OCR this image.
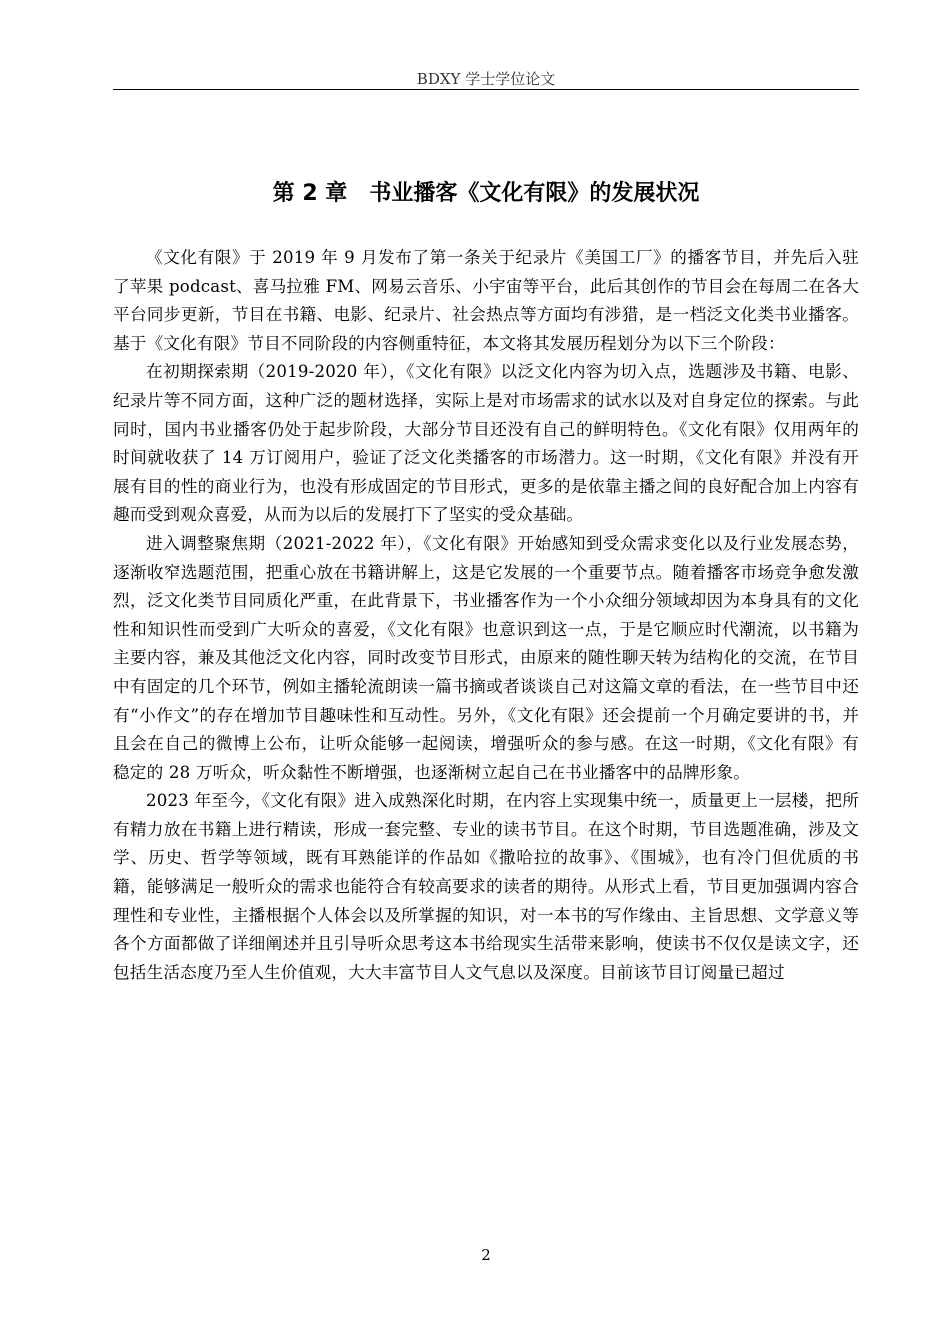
BDXY 学士学位论文
第 2 章 书业播客《文化有限》的发展状况

《文化有限》于 2019 年 9 月发布了第一条关于纪录片《美国工厂》的播客节目，并先后入驻了苹果 podcast、喜马拉雅 FM、网易云音乐、小宇宙等平台，此后其创作的节目会在每周二在各大平台同步更新，节目在书籍、电影、纪录片、社会热点等方面均有涉猎，是一档泛文化类书业播客。基于《文化有限》节目不同阶段的内容侧重特征，本文将其发展历程划分为以下三个阶段：

在初期探索期（2019-2020 年），《文化有限》以泛文化内容为切入点，选题涉及书籍、电影、纪录片等不同方面，这种广泛的题材选择，实际上是对市场需求的试水以及对自身定位的探索。与此同时，国内书业播客仍处于起步阶段，大部分节目还没有自己的鲜明特色。《文化有限》仅用两年的时间就收获了 14 万订阅用户，验证了泛文化类播客的市场潜力。这一时期，《文化有限》并没有开展有目的性的商业行为，也没有形成固定的节目形式，更多的是依靠主播之间的良好配合加上内容有趣而受到观众喜爱，从而为以后的发展打下了坚实的受众基础。

进入调整聚焦期（2021-2022 年），《文化有限》开始感知到受众需求变化以及行业发展态势，逐渐收窄选题范围，把重心放在书籍讲解上，这是它发展的一个重要节点。随着播客市场竞争愈发激烈，泛文化类节目同质化严重，在此背景下，书业播客作为一个小众细分领域却因为本身具有的文化性和知识性而受到广大听众的喜爱，《文化有限》也意识到这一点，于是它顺应时代潮流，以书籍为主要内容，兼及其他泛文化内容，同时改变节目形式，由原来的随性聊天转为结构化的交流，在节目中有固定的几个环节，例如主播轮流朗读一篇书摘或者谈谈自己对这篇文章的看法，在一些节目中还有“小作文”的存在增加节目趣味性和互动性。另外，《文化有限》还会提前一个月确定要讲的书，并且会在自己的微博上公布，让听众能够一起阅读，增强听众的参与感。在这一时期，《文化有限》有稳定的 28 万听众，听众黏性不断增强，也逐渐树立起自己在书业播客中的品牌形象。

2023 年至今，《文化有限》进入成熟深化时期，在内容上实现集中统一，质量更上一层楼，把所有精力放在书籍上进行精读，形成一套完整、专业的读书节目。在这个时期，节目选题准确，涉及文学、历史、哲学等领域，既有耳熟能详的作品如《撒哈拉的故事》、《围城》，也有冷门但优质的书籍，能够满足一般听众的需求也能符合有较高要求的读者的期待。从形式上看，节目更加强调内容合理性和专业性，主播根据个人体会以及所掌握的知识，对一本书的写作缘由、主旨思想、文学意义等各个方面都做了详细阐述并且引导听众思考这本书给现实生活带来影响，使读书不仅仅是读文字，还包括生活态度乃至人生价值观，大大丰富节目人文气息以及深度。目前该节目订阅量已超过

2
